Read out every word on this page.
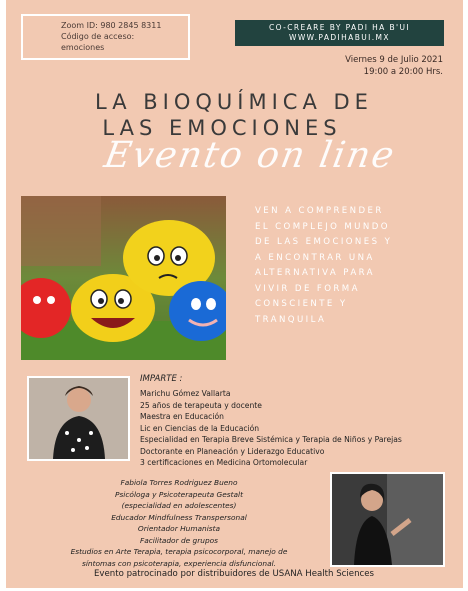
Zoom ID: 980 2845 8311
Código de acceso:
emociones
CO-CREARE BY PADI HA B'UI
WWW.PADIHABUI.MX
Viernes 9 de Julio 2021
19:00 a 20:00 Hrs.
LA BIOQUÍMICA DE
LAS EMOCIONES
Evento on line
VEN A COMPRENDER
EL COMPLEJO MUNDO
DE LAS EMOCIONES Y
A ENCONTRAR UNA
ALTERNATIVA PARA
VIVIR DE FORMA
CONSCIENTE Y
TRANQUILA
IMPARTE :
Marichu Gómez Vallarta
25 años de terapeuta y docente
Maestra en Educación
Lic en Ciencias de la Educación
Especialidad en Terapia Breve Sistémica y Terapia de Niños y Parejas
Doctorante en Planeación y Liderazgo Educativo
3 certificaciones en Medicina Ortomolecular
Fabiola Torres Rodriguez Bueno
Psicóloga y Psicoterapeuta Gestalt
(especialidad en adolescentes)
Educador Mindfulness Transpersonal
Orientador Humanista
Facilitador de grupos
Estudios en Arte Terapia, terapia psicocorporal, manejo de
síntomas con psicoterapia, experiencia disfuncional.
Evento patrocinado por distribuidores de USANA Health Sciences
